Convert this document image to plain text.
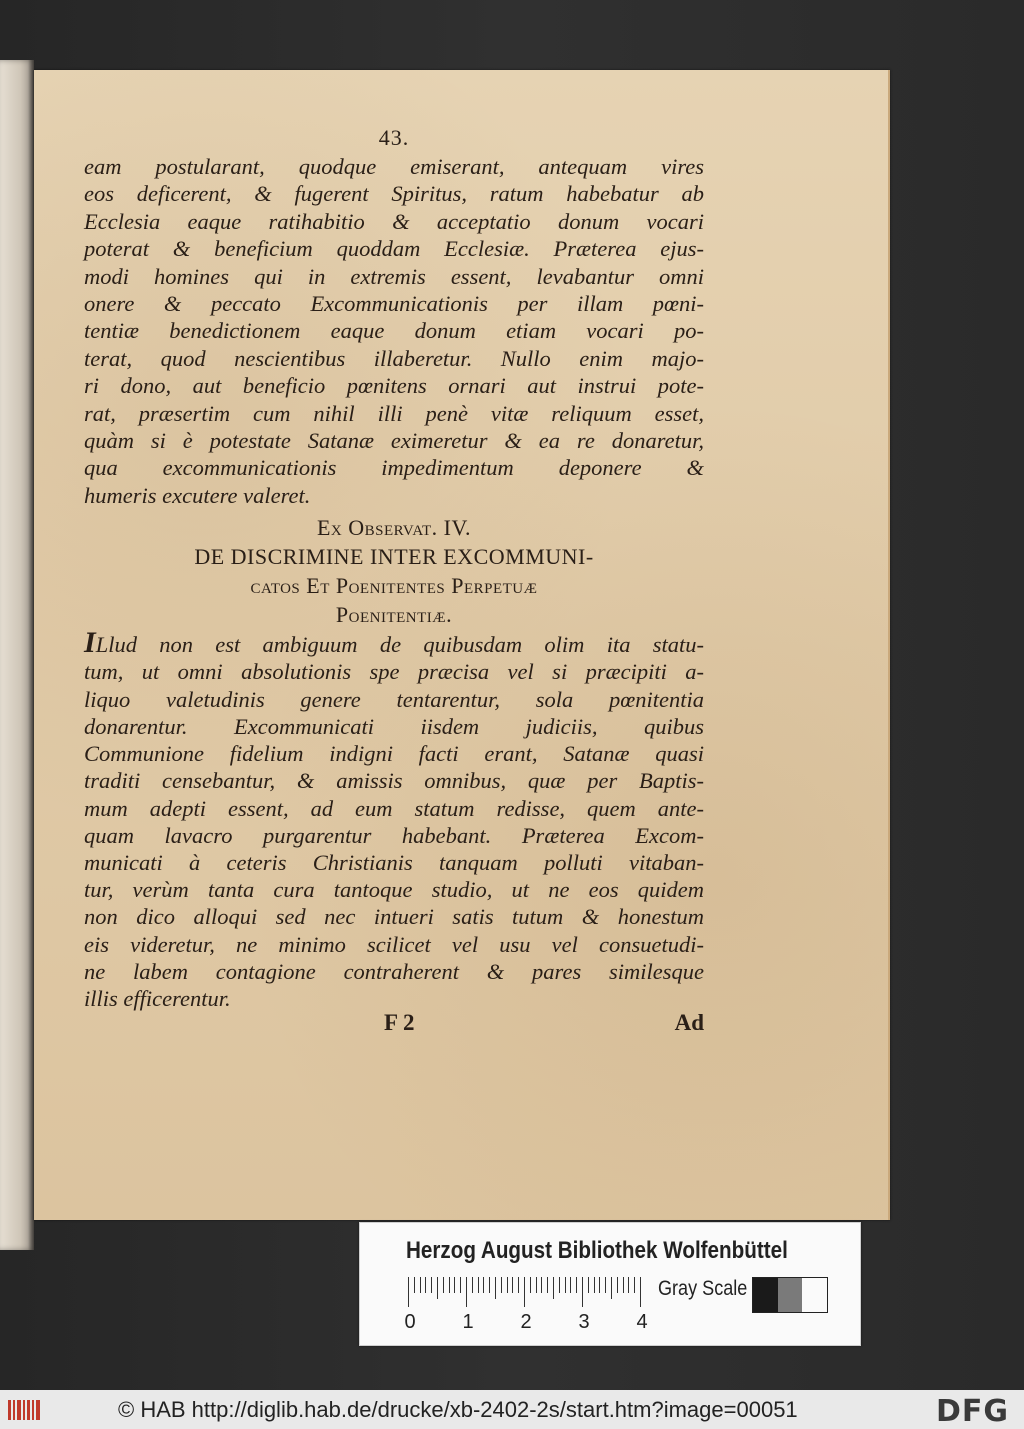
43.
eam postularant, quodque emiserant, antequam vires
eos deficerent, & fugerent Spiritus, ratum habebatur ab
Ecclesia eaque ratihabitio & acceptatio donum vocari
poterat & beneficium quoddam Ecclesiæ. Præterea ejus-
modi homines qui in extremis essent, levabantur omni
onere & peccato Excommunicationis per illam pœni-
tentiæ benedictionem eaque donum etiam vocari po-
terat, quod nescientibus illaberetur. Nullo enim majo-
ri dono, aut beneficio pœnitens ornari aut instrui pote-
rat, præsertim cum nihil illi penè vitæ reliquum esset,
quàm si è potestate Satanæ eximeretur & ea re donaretur,
qua excommunicationis impedimentum deponere &
humeris excutere valeret.
Ex Observat. IV.
DE DISCRIMINE INTER EXCOMMUNI-
catos Et Poenitentes Perpetuæ
Poenitentiæ.
ILlud non est ambiguum de quibusdam olim ita statu-
tum, ut omni absolutionis spe præcisa vel si præcipiti a-
liquo valetudinis genere tentarentur, sola pœnitentia
donarentur. Excommunicati iisdem judiciis, quibus
Communione fidelium indigni facti erant, Satanæ quasi
traditi censebantur, & amissis omnibus, quæ per Baptis-
mum adepti essent, ad eum statum redisse, quem ante-
quam lavacro purgarentur habebant. Præterea Excom-
municati à ceteris Christianis tanquam polluti vitaban-
tur, verùm tanta cura tantoque studio, ut ne eos quidem
non dico alloqui sed nec intueri satis tutum & honestum
eis videretur, ne minimo scilicet vel usu vel consuetudi-
ne labem contagione contraherent & pares similesque
illis efficerentur.
F 2	Ad
Herzog August Bibliothek Wolfenbüttel
0 1 2 3 4
Gray Scale
© HAB http://diglib.hab.de/drucke/xb-2402-2s/start.htm?image=00051	DFG
